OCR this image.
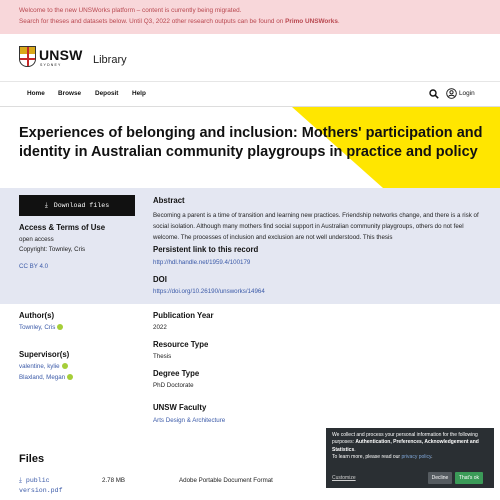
Welcome to the new UNSWorks platform – content is currently being migrated.
Search for theses and datasets below. Until Q3, 2022 other research outputs can be found on Primo UNSWorks.
UNSW
SYDNEY	Library
Home Browse Deposit Help	Login
Experiences of belonging and inclusion: Mothers' participation and identity in Australian community playgroups in practice and policy
⤓ Download files
Access & Terms of Use
open access
Copyright: Townley, Cris
CC BY 4.0
Abstract
Becoming a parent is a time of transition and learning new practices. Friendship networks change, and there is a risk of social isolation. Although many mothers find social support in Australian community playgroups, others do not feel welcome. The processes of inclusion and exclusion are not well understood. This thesis
Persistent link to this record
http://hdl.handle.net/1959.4/100179
DOI
https://doi.org/10.26190/unsworks/14964
Author(s)
Townley, Cris
Supervisor(s)
valentine, kylie
Blaxland, Megan
Publication Year
2022
Resource Type
Thesis
Degree Type
PhD Doctorate
UNSW Faculty
Arts Design & Architecture
Files
⤓ public
version.pdf
2.78 MB	Adobe Portable Document Format
We collect and process your personal information for the following purposes: Authentication, Preferences, Acknowledgement and Statistics.
To learn more, please read our privacy policy.
Customize	Decline	That's ok
